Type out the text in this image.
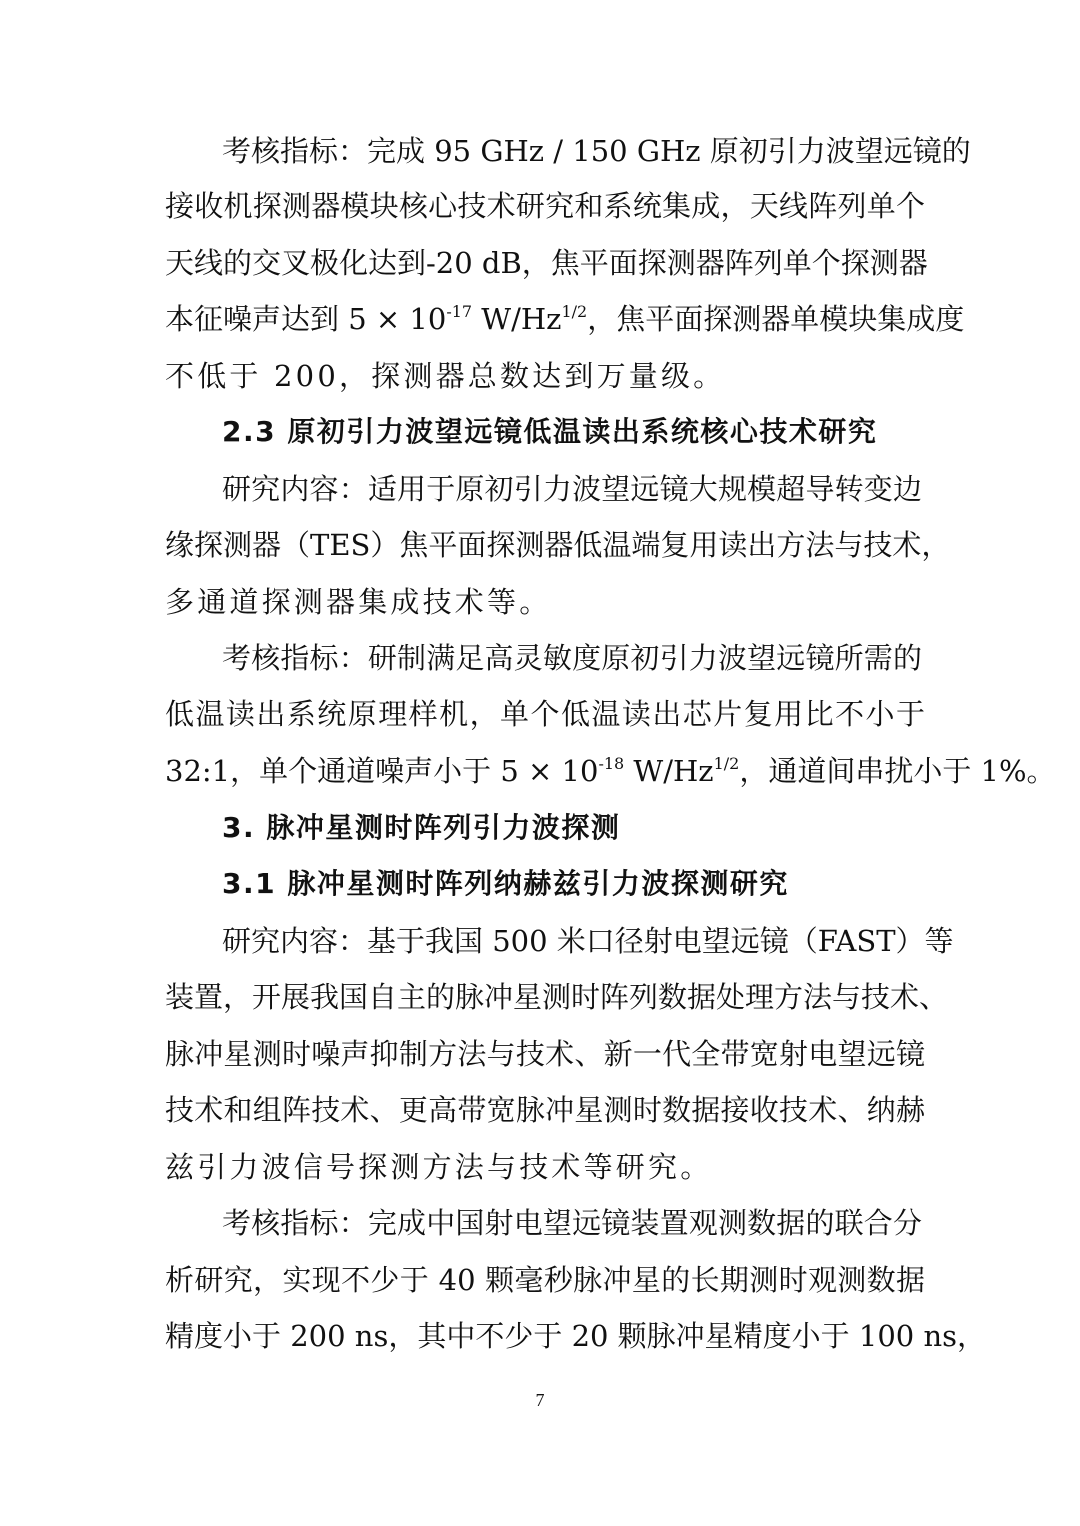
考核指标：完成 95 GHz / 150 GHz 原初引力波望远镜的
接收机探测器模块核心技术研究和系统集成，天线阵列单个
天线的交叉极化达到-20 dB，焦平面探测器阵列单个探测器
本征噪声达到 $5 \times 10^{-17}$ $W/Hz^{1/2}$，焦平面探测器单模块集成度
不低于 200，探测器总数达到万量级。
2.3 原初引力波望远镜低温读出系统核心技术研究
研究内容：适用于原初引力波望远镜大规模超导转变边
缘探测器（TES）焦平面探测器低温端复用读出方法与技术，
多通道探测器集成技术等。
考核指标：研制满足高灵敏度原初引力波望远镜所需的
低温读出系统原理样机，单个低温读出芯片复用比不小于
32:1，单个通道噪声小于 $5 \times 10^{-18}$ $W/Hz^{1/2}$，通道间串扰小于 1%。
3. 脉冲星测时阵列引力波探测
3.1 脉冲星测时阵列纳赫兹引力波探测研究
研究内容：基于我国 500 米口径射电望远镜（FAST）等
装置，开展我国自主的脉冲星测时阵列数据处理方法与技术、
脉冲星测时噪声抑制方法与技术、新一代全带宽射电望远镜
技术和组阵技术、更高带宽脉冲星测时数据接收技术、纳赫
兹引力波信号探测方法与技术等研究。
考核指标：完成中国射电望远镜装置观测数据的联合分
析研究，实现不少于 40 颗毫秒脉冲星的长期测时观测数据
精度小于 200 ns，其中不少于 20 颗脉冲星精度小于 100 ns，
7
